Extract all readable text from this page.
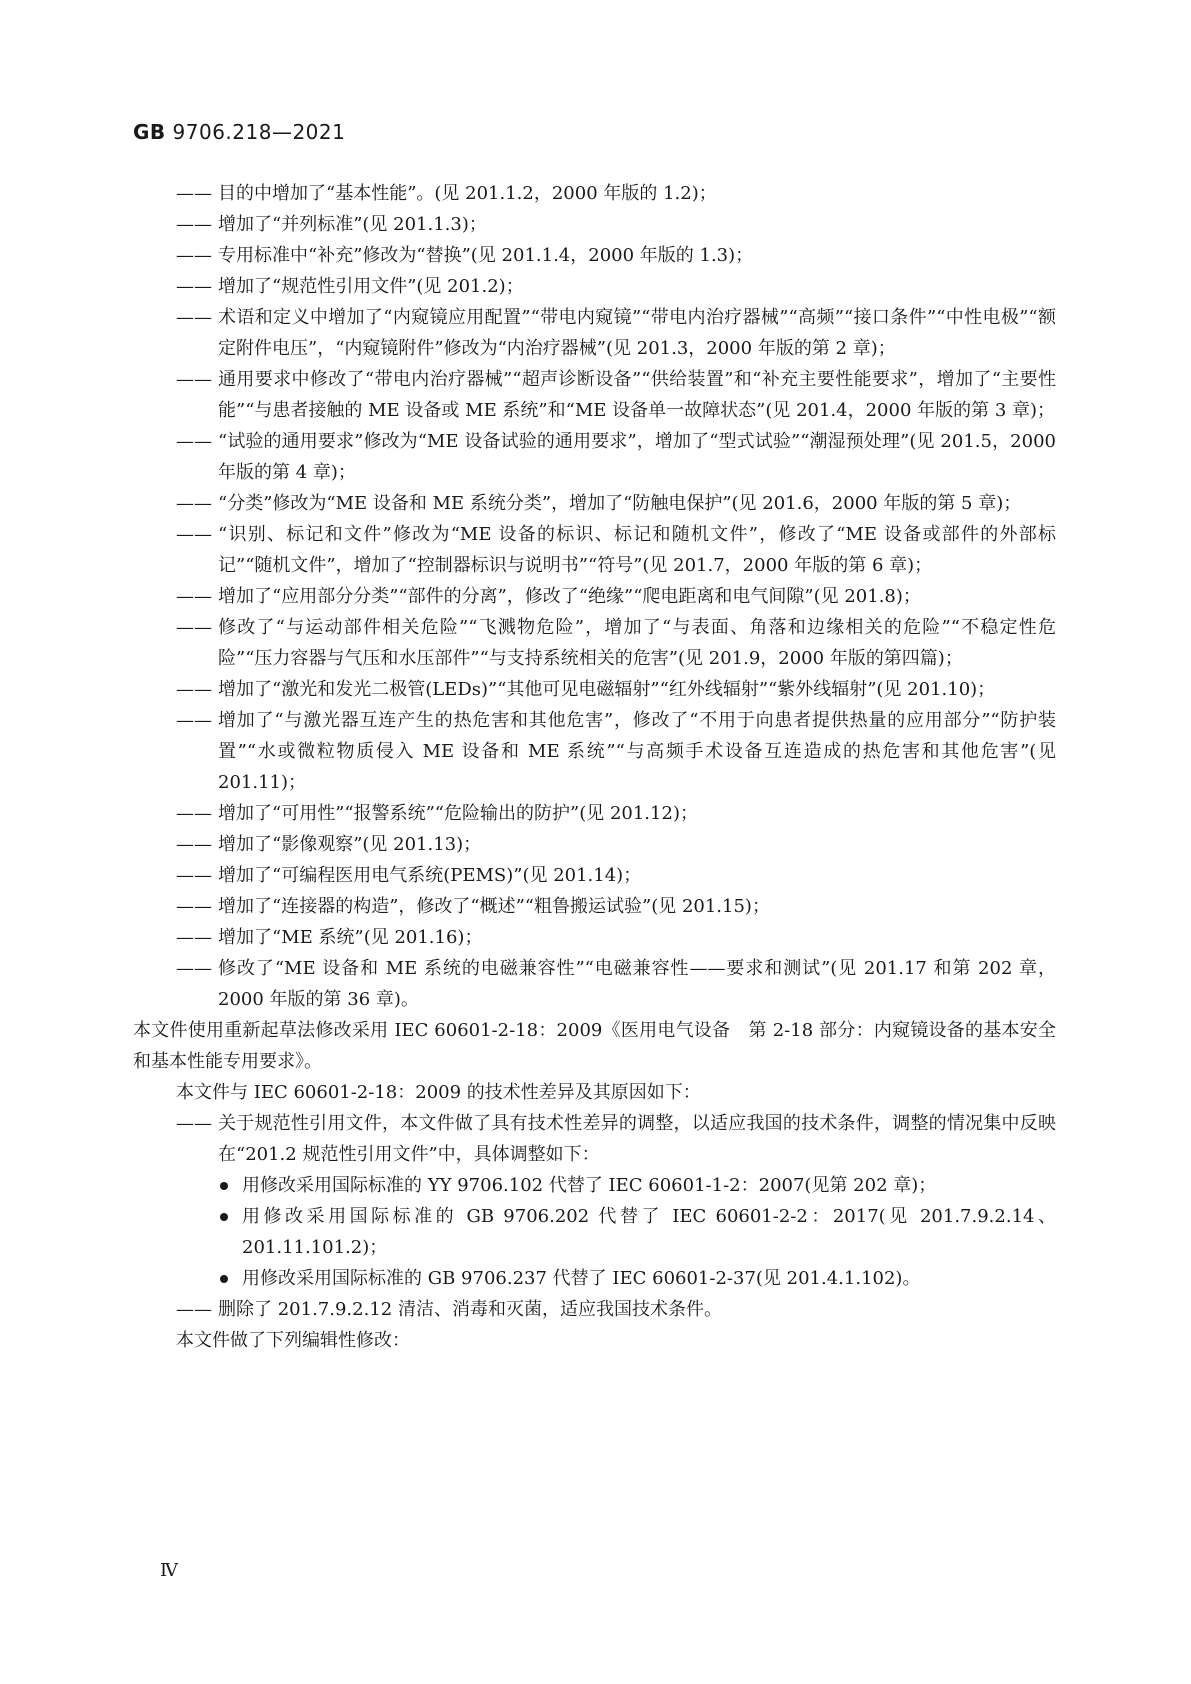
GB 9706.218—2021
—— 目的中增加了“基本性能”。(见 201.1.2，2000 年版的 1.2)；
—— 增加了“并列标准”(见 201.1.3)；
—— 专用标准中“补充”修改为“替换”(见 201.1.4，2000 年版的 1.3)；
—— 增加了“规范性引用文件”(见 201.2)；
—— 术语和定义中增加了“内窥镜应用配置”“带电内窥镜”“带电内治疗器械”“高频”“接口条件”“中性电极”“额定附件电压”，“内窥镜附件”修改为“内治疗器械”(见 201.3，2000 年版的第 2 章)；
—— 通用要求中修改了“带电内治疗器械”“超声诊断设备”“供给装置”和“补充主要性能要求”，增加了“主要性能”“与患者接触的 ME 设备或 ME 系统”和“ME 设备单一故障状态”(见 201.4，2000 年版的第 3 章)；
—— “试验的通用要求”修改为“ME 设备试验的通用要求”，增加了“型式试验”“潮湿预处理”(见 201.5，2000 年版的第 4 章)；
—— “分类”修改为“ME 设备和 ME 系统分类”，增加了“防触电保护”(见 201.6，2000 年版的第 5 章)；
—— “识别、标记和文件”修改为“ME 设备的标识、标记和随机文件”，修改了“ME 设备或部件的外部标记”“随机文件”，增加了“控制器标识与说明书”“符号”(见 201.7，2000 年版的第 6 章)；
—— 增加了“应用部分分类”“部件的分离”，修改了“绝缘”“爬电距离和电气间隙”(见 201.8)；
—— 修改了“与运动部件相关危险”“飞溅物危险”，增加了“与表面、角落和边缘相关的危险”“不稳定性危险”“压力容器与气压和水压部件”“与支持系统相关的危害”(见 201.9，2000 年版的第四篇)；
—— 增加了“激光和发光二极管(LEDs)”“其他可见电磁辐射”“红外线辐射”“紫外线辐射”(见 201.10)；
—— 增加了“与激光器互连产生的热危害和其他危害”，修改了“不用于向患者提供热量的应用部分”“防护装置”“水或微粒物质侵入 ME 设备和 ME 系统”“与高频手术设备互连造成的热危害和其他危害”(见 201.11)；
—— 增加了“可用性”“报警系统”“危险输出的防护”(见 201.12)；
—— 增加了“影像观察”(见 201.13)；
—— 增加了“可编程医用电气系统(PEMS)”(见 201.14)；
—— 增加了“连接器的构造”，修改了“概述”“粗鲁搬运试验”(见 201.15)；
—— 增加了“ME 系统”(见 201.16)；
—— 修改了“ME 设备和 ME 系统的电磁兼容性”“电磁兼容性——要求和测试”(见 201.17 和第 202 章，2000 年版的第 36 章)。
本文件使用重新起草法修改采用 IEC 60601-2-18：2009《医用电气设备　第 2-18 部分：内窥镜设备的基本安全和基本性能专用要求》。
本文件与 IEC 60601-2-18：2009 的技术性差异及其原因如下：
—— 关于规范性引用文件，本文件做了具有技术性差异的调整，以适应我国的技术条件，调整的情况集中反映在“201.2 规范性引用文件”中，具体调整如下：
用修改采用国际标准的 YY 9706.102 代替了 IEC 60601-1-2：2007(见第 202 章)；
用修改采用国际标准的 GB 9706.202 代替了 IEC 60601-2-2：2017(见 201.7.9.2.14、201.11.101.2)；
用修改采用国际标准的 GB 9706.237 代替了 IEC 60601-2-37(见 201.4.1.102)。
—— 删除了 201.7.9.2.12 清洁、消毒和灭菌，适应我国技术条件。
本文件做了下列编辑性修改：
Ⅳ
